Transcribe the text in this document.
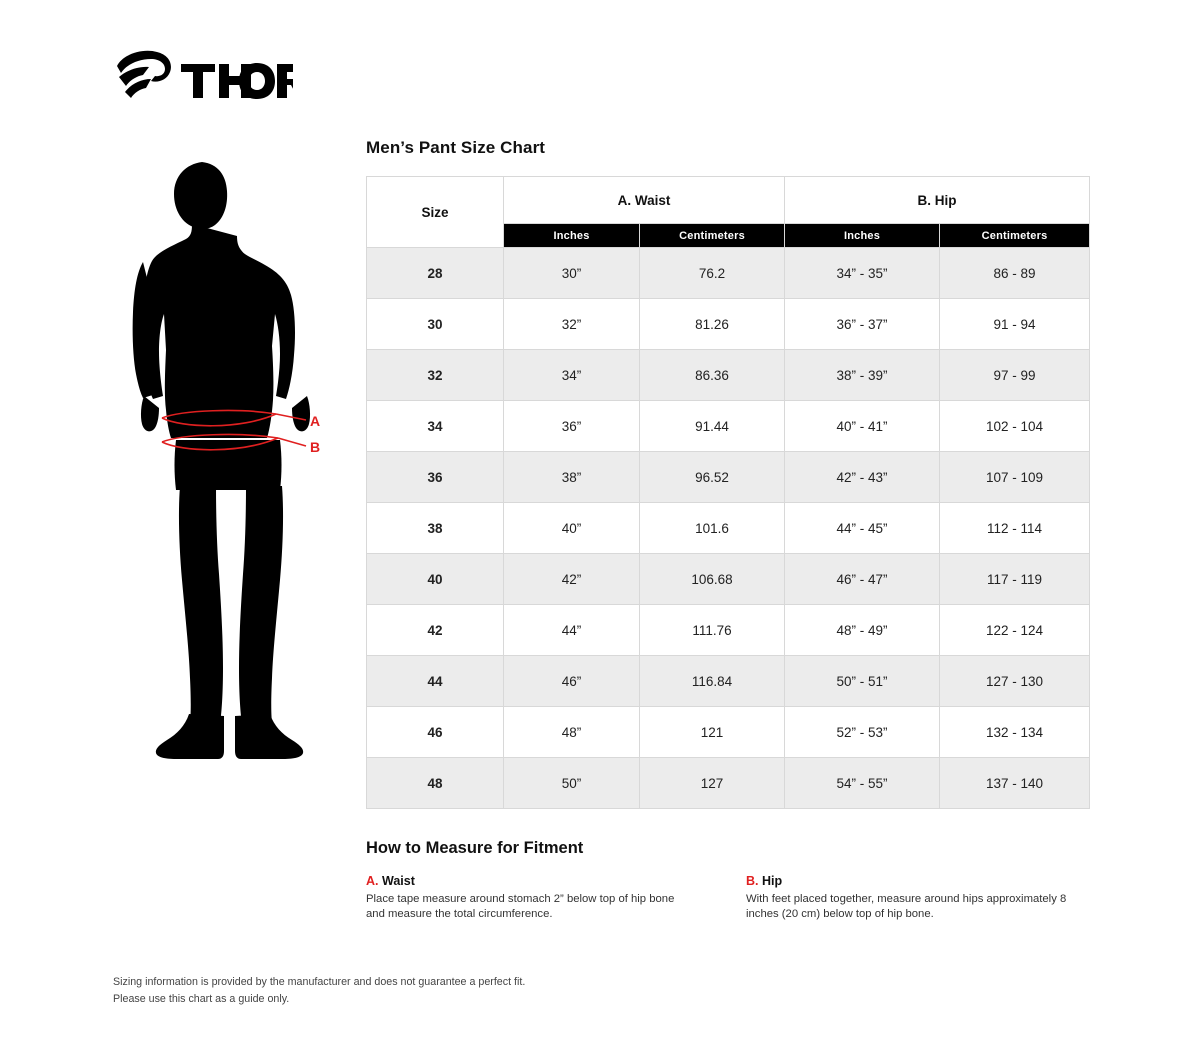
A
B
Men’s Pant Size Chart
Size	A. Waist		B. Hip	
	Inches	Centimeters	Inches	Centimeters
28	30”	76.2	34” - 35”	86 - 89
30	32”	81.26	36” - 37”	91 - 94
32	34”	86.36	38” - 39”	97 - 99
34	36”	91.44	40” - 41”	102 - 104
36	38”	96.52	42” - 43”	107 - 109
38	40”	101.6	44” - 45”	112 - 114
40	42”	106.68	46” - 47”	117 - 119
42	44”	111.76	48” - 49”	122 - 124
44	46”	116.84	50” - 51”	127 - 130
46	48”	121	52” - 53”	132 - 134
48	50”	127	54” - 55”	137 - 140
How to Measure for Fitment
A. Waist
Place tape measure around stomach 2” below top of hip bone and measure the total circumference.
B. Hip
With feet placed together, measure around hips approximately 8 inches (20 cm) below top of hip bone.
Sizing information is provided by the manufacturer and does not guarantee a perfect fit.
Please use this chart as a guide only.
